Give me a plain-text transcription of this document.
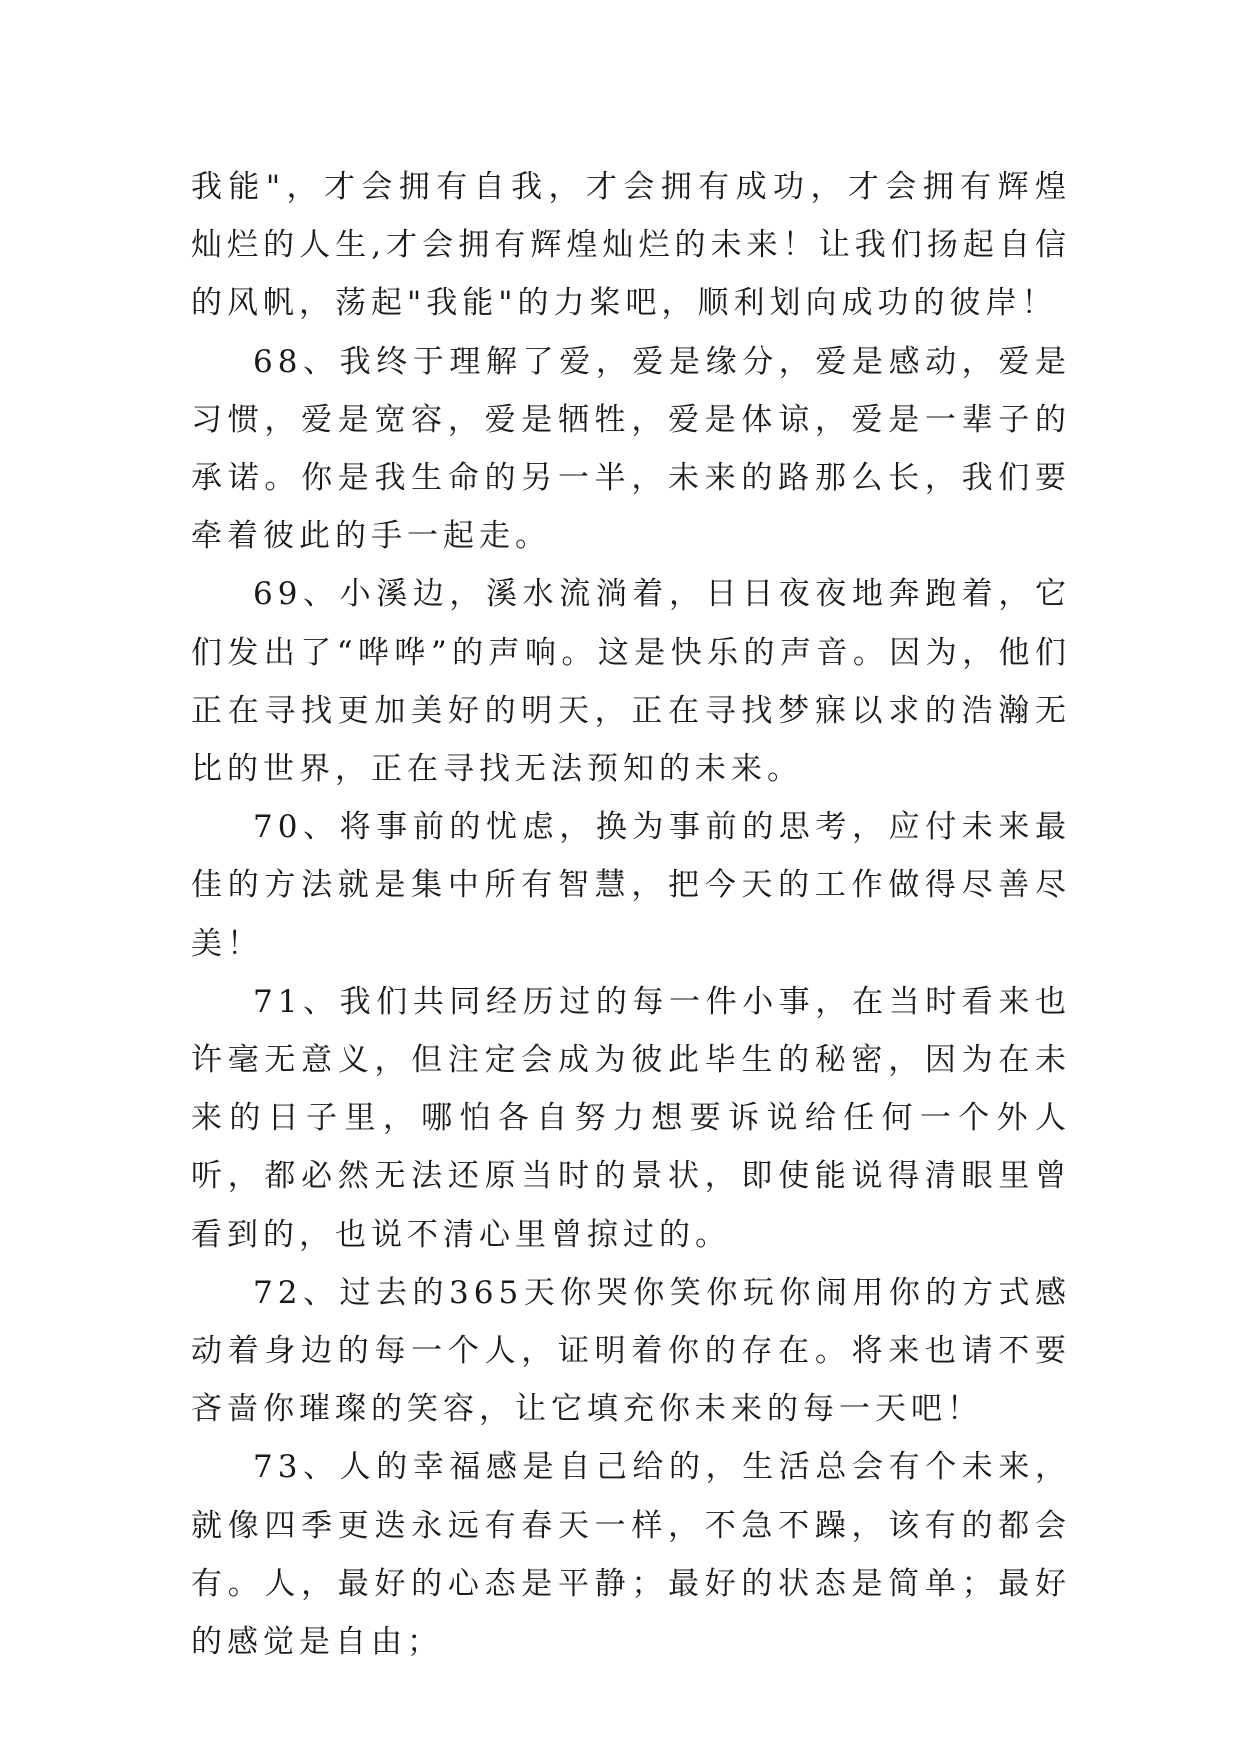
我能"，才会拥有自我，才会拥有成功，才会拥有辉煌灿烂的人生,才会拥有辉煌灿烂的未来！让我们扬起自信的风帆，荡起"我能"的力桨吧，顺利划向成功的彼岸！

68、我终于理解了爱，爱是缘分，爱是感动，爱是习惯，爱是宽容，爱是牺牲，爱是体谅，爱是一辈子的承诺。你是我生命的另一半，未来的路那么长，我们要牵着彼此的手一起走。

69、小溪边，溪水流淌着，日日夜夜地奔跑着，它们发出了“哗哗”的声响。这是快乐的声音。因为，他们正在寻找更加美好的明天，正在寻找梦寐以求的浩瀚无比的世界，正在寻找无法预知的未来。

70、将事前的忧虑，换为事前的思考，应付未来最佳的方法就是集中所有智慧，把今天的工作做得尽善尽美！

71、我们共同经历过的每一件小事，在当时看来也许毫无意义，但注定会成为彼此毕生的秘密，因为在未来的日子里，哪怕各自努力想要诉说给任何一个外人听，都必然无法还原当时的景状，即使能说得清眼里曾看到的，也说不清心里曾掠过的。

72、过去的365天你哭你笑你玩你闹用你的方式感动着身边的每一个人，证明着你的存在。将来也请不要吝啬你璀璨的笑容，让它填充你未来的每一天吧！

73、人的幸福感是自己给的，生活总会有个未来，就像四季更迭永远有春天一样，不急不躁，该有的都会有。人，最好的心态是平静；最好的状态是简单；最好的感觉是自由；
